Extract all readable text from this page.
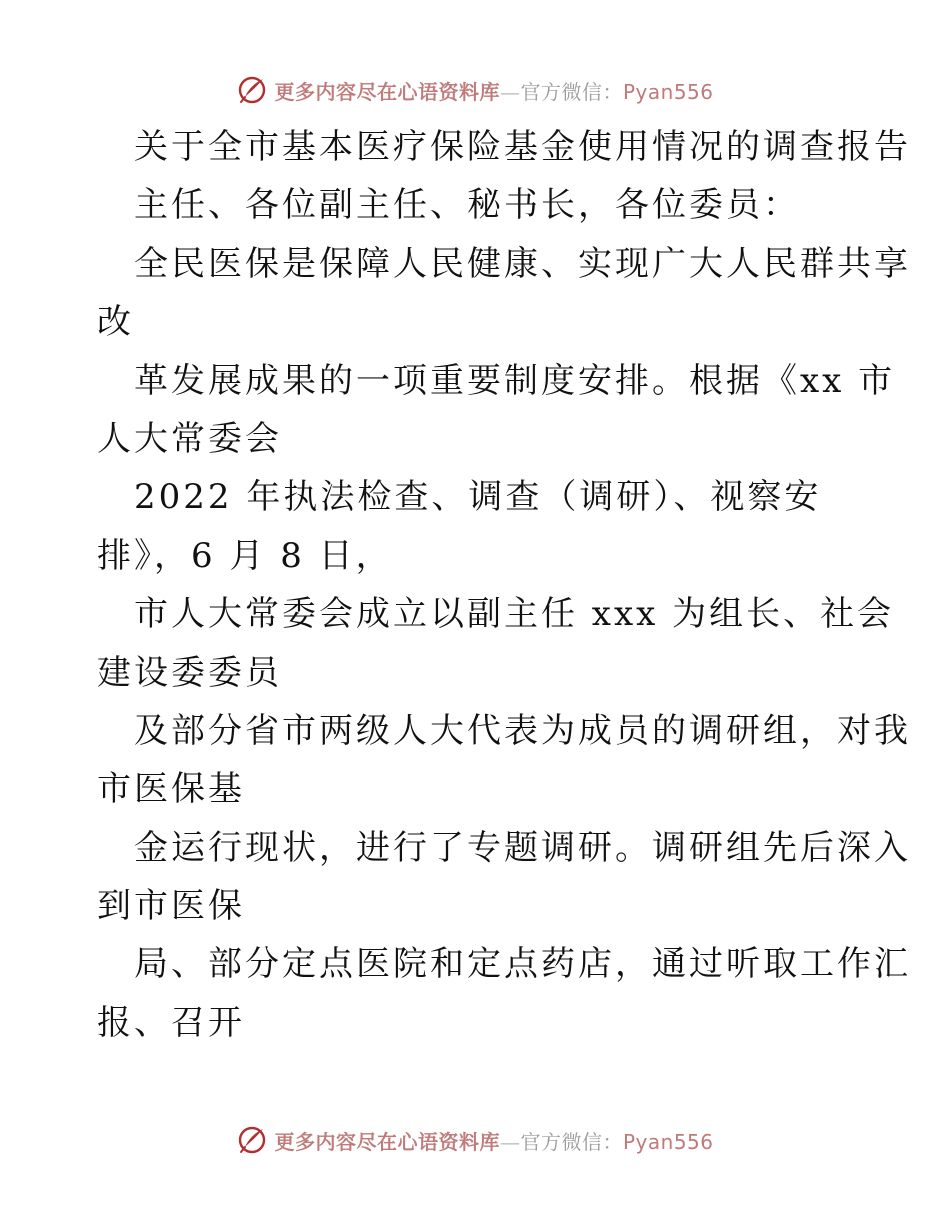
更多内容尽在心语资料库—官方微信：Pyan556
关于全市基本医疗保险基金使用情况的调查报告
主任、各位副主任、秘书长，各位委员：
全民医保是保障人民健康、实现广大人民群共享
改
革发展成果的一项重要制度安排。根据《xx 市
人大常委会
2022 年执法检查、调查（调研）、视察安
排》，6 月 8 日，
市人大常委会成立以副主任 xxx 为组长、社会
建设委委员
及部分省市两级人大代表为成员的调研组，对我
市医保基
金运行现状，进行了专题调研。调研组先后深入
到市医保
局、部分定点医院和定点药店，通过听取工作汇
报、召开
更多内容尽在心语资料库—官方微信：Pyan556
